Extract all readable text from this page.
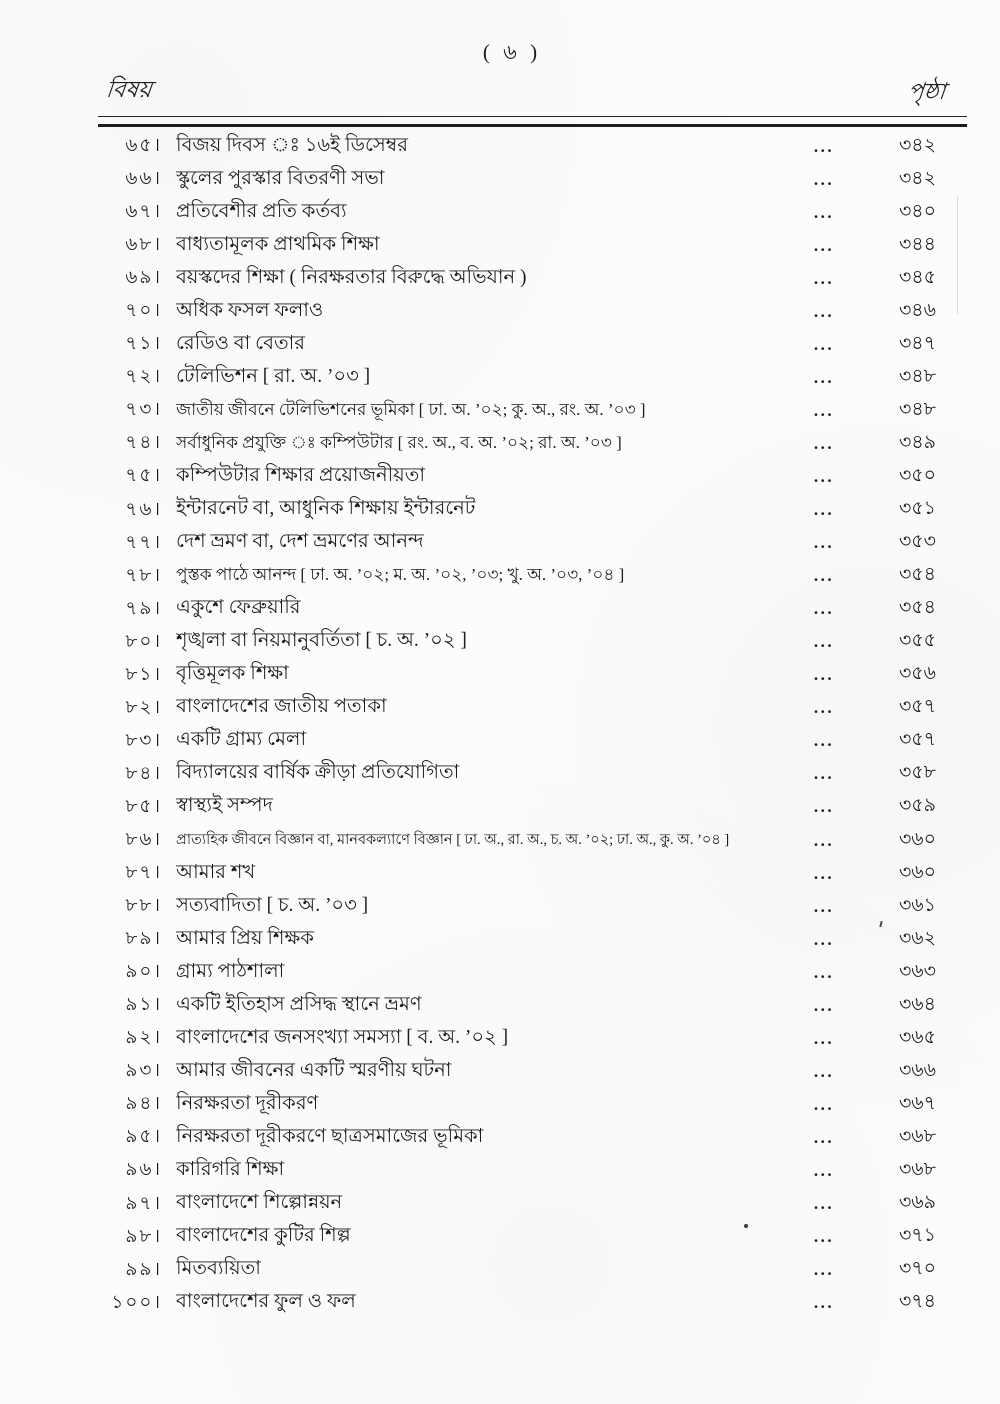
( ৬ )
বিষয়	পৃষ্ঠা
৬৫। বিজয় দিবস ঃ ১৬ই ডিসেম্বর	...	৩৪২
৬৬। স্কুলের পুরস্কার বিতরণী সভা	...	৩৪২
৬৭। প্রতিবেশীর প্রতি কর্তব্য	...	৩৪০
৬৮। বাধ্যতামূলক প্রাথমিক শিক্ষা	...	৩৪৪
৬৯। বয়স্কদের শিক্ষা ( নিরক্ষরতার বিরুদ্ধে অভিযান )	...	৩৪৫
৭০। অধিক ফসল ফলাও	...	৩৪৬
৭১। রেডিও বা বেতার	...	৩৪৭
৭২। টেলিভিশন [ রা. অ. ’০৩ ]	...	৩৪৮
৭৩। জাতীয় জীবনে টেলিভিশনের ভূমিকা [ ঢা. অ. ’০২; কু. অ., রং. অ. ’০৩ ]	...	৩৪৮
৭৪। সর্বাধুনিক প্রযুক্তি ঃ কম্পিউটার [ রং. অ., ব. অ. ’০২; রা. অ. ’০৩ ]	...	৩৪৯
৭৫। কম্পিউটার শিক্ষার প্রয়োজনীয়তা	...	৩৫০
৭৬। ইন্টারনেট বা, আধুনিক শিক্ষায় ইন্টারনেট	...	৩৫১
৭৭। দেশ ভ্রমণ বা, দেশ ভ্রমণের আনন্দ	...	৩৫৩
৭৮। পুস্তক পাঠে আনন্দ [ ঢা. অ. ’০২; ম. অ. ’০২, ’০৩; খু. অ. ’০৩, ’০৪ ]	...	৩৫৪
৭৯। একুশে ফেব্রুয়ারি	...	৩৫৪
৮০। শৃঙ্খলা বা নিয়মানুবর্তিতা [ চ. অ. ’০২ ]	...	৩৫৫
৮১। বৃত্তিমূলক শিক্ষা	...	৩৫৬
৮২। বাংলাদেশের জাতীয় পতাকা	...	৩৫৭
৮৩। একটি গ্রাম্য মেলা	...	৩৫৭
৮৪। বিদ্যালয়ের বার্ষিক ক্রীড়া প্রতিযোগিতা	...	৩৫৮
৮৫। স্বাস্থ্যই সম্পদ	...	৩৫৯
৮৬। প্রাত্যহিক জীবনে বিজ্ঞান বা, মানবকল্যাণে বিজ্ঞান [ ঢা. অ., রা. অ., চ. অ. ’০২; ঢা. অ., কু. অ. ’০৪ ]	...	৩৬০
৮৭। আমার শখ	...	৩৬০
৮৮। সত্যবাদিতা [ চ. অ. ’০৩ ]	...	৩৬১
৮৯। আমার প্রিয় শিক্ষক	...	৩৬২
৯০। গ্রাম্য পাঠশালা	...	৩৬৩
৯১। একটি ইতিহাস প্রসিদ্ধ স্থানে ভ্রমণ	...	৩৬৪
৯২। বাংলাদেশের জনসংখ্যা সমস্যা [ ব. অ. ’০২ ]	...	৩৬৫
৯৩। আমার জীবনের একটি স্মরণীয় ঘটনা	...	৩৬৬
৯৪। নিরক্ষরতা দূরীকরণ	...	৩৬৭
৯৫। নিরক্ষরতা দূরীকরণে ছাত্রসমাজের ভূমিকা	...	৩৬৮
৯৬। কারিগরি শিক্ষা	...	৩৬৮
৯৭। বাংলাদেশে শিল্পোন্নয়ন	...	৩৬৯
৯৮। বাংলাদেশের কুটির শিল্প	...	৩৭১
৯৯। মিতব্যয়িতা	...	৩৭০
১০০। বাংলাদেশের ফুল ও ফল	...	৩৭৪
